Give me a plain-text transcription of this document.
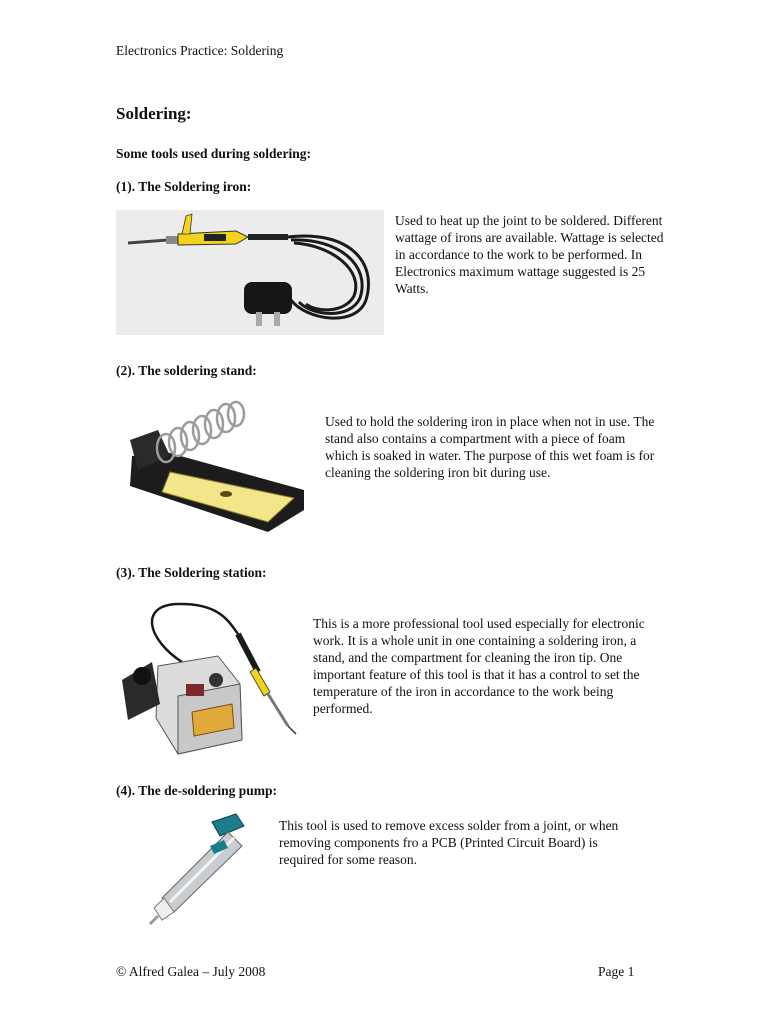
Electronics Practice: Soldering
Soldering:
Some tools used during soldering:
(1). The Soldering iron:
Used to heat up the joint to be soldered. Different wattage of irons are available. Wattage is selected in accordance to the work to be performed. In Electronics maximum wattage suggested is 25 Watts.
(2). The soldering stand:
Used to hold the soldering iron in place when not in use. The stand also contains a compartment with a piece of foam which is soaked in water. The purpose of this wet foam is for cleaning the soldering iron bit during use.
(3). The Soldering station:
This is a more professional tool used especially for electronic work. It is a whole unit in one containing a soldering iron, a stand, and the compartment for cleaning the iron tip. One important feature of this tool is that it has a control to set the temperature of the iron in accordance to the work being performed.
(4). The de-soldering pump:
This tool is used to remove excess solder from a joint, or when removing components fro a PCB (Printed Circuit Board) is required for some reason.
© Alfred Galea – July 2008	Page 1
